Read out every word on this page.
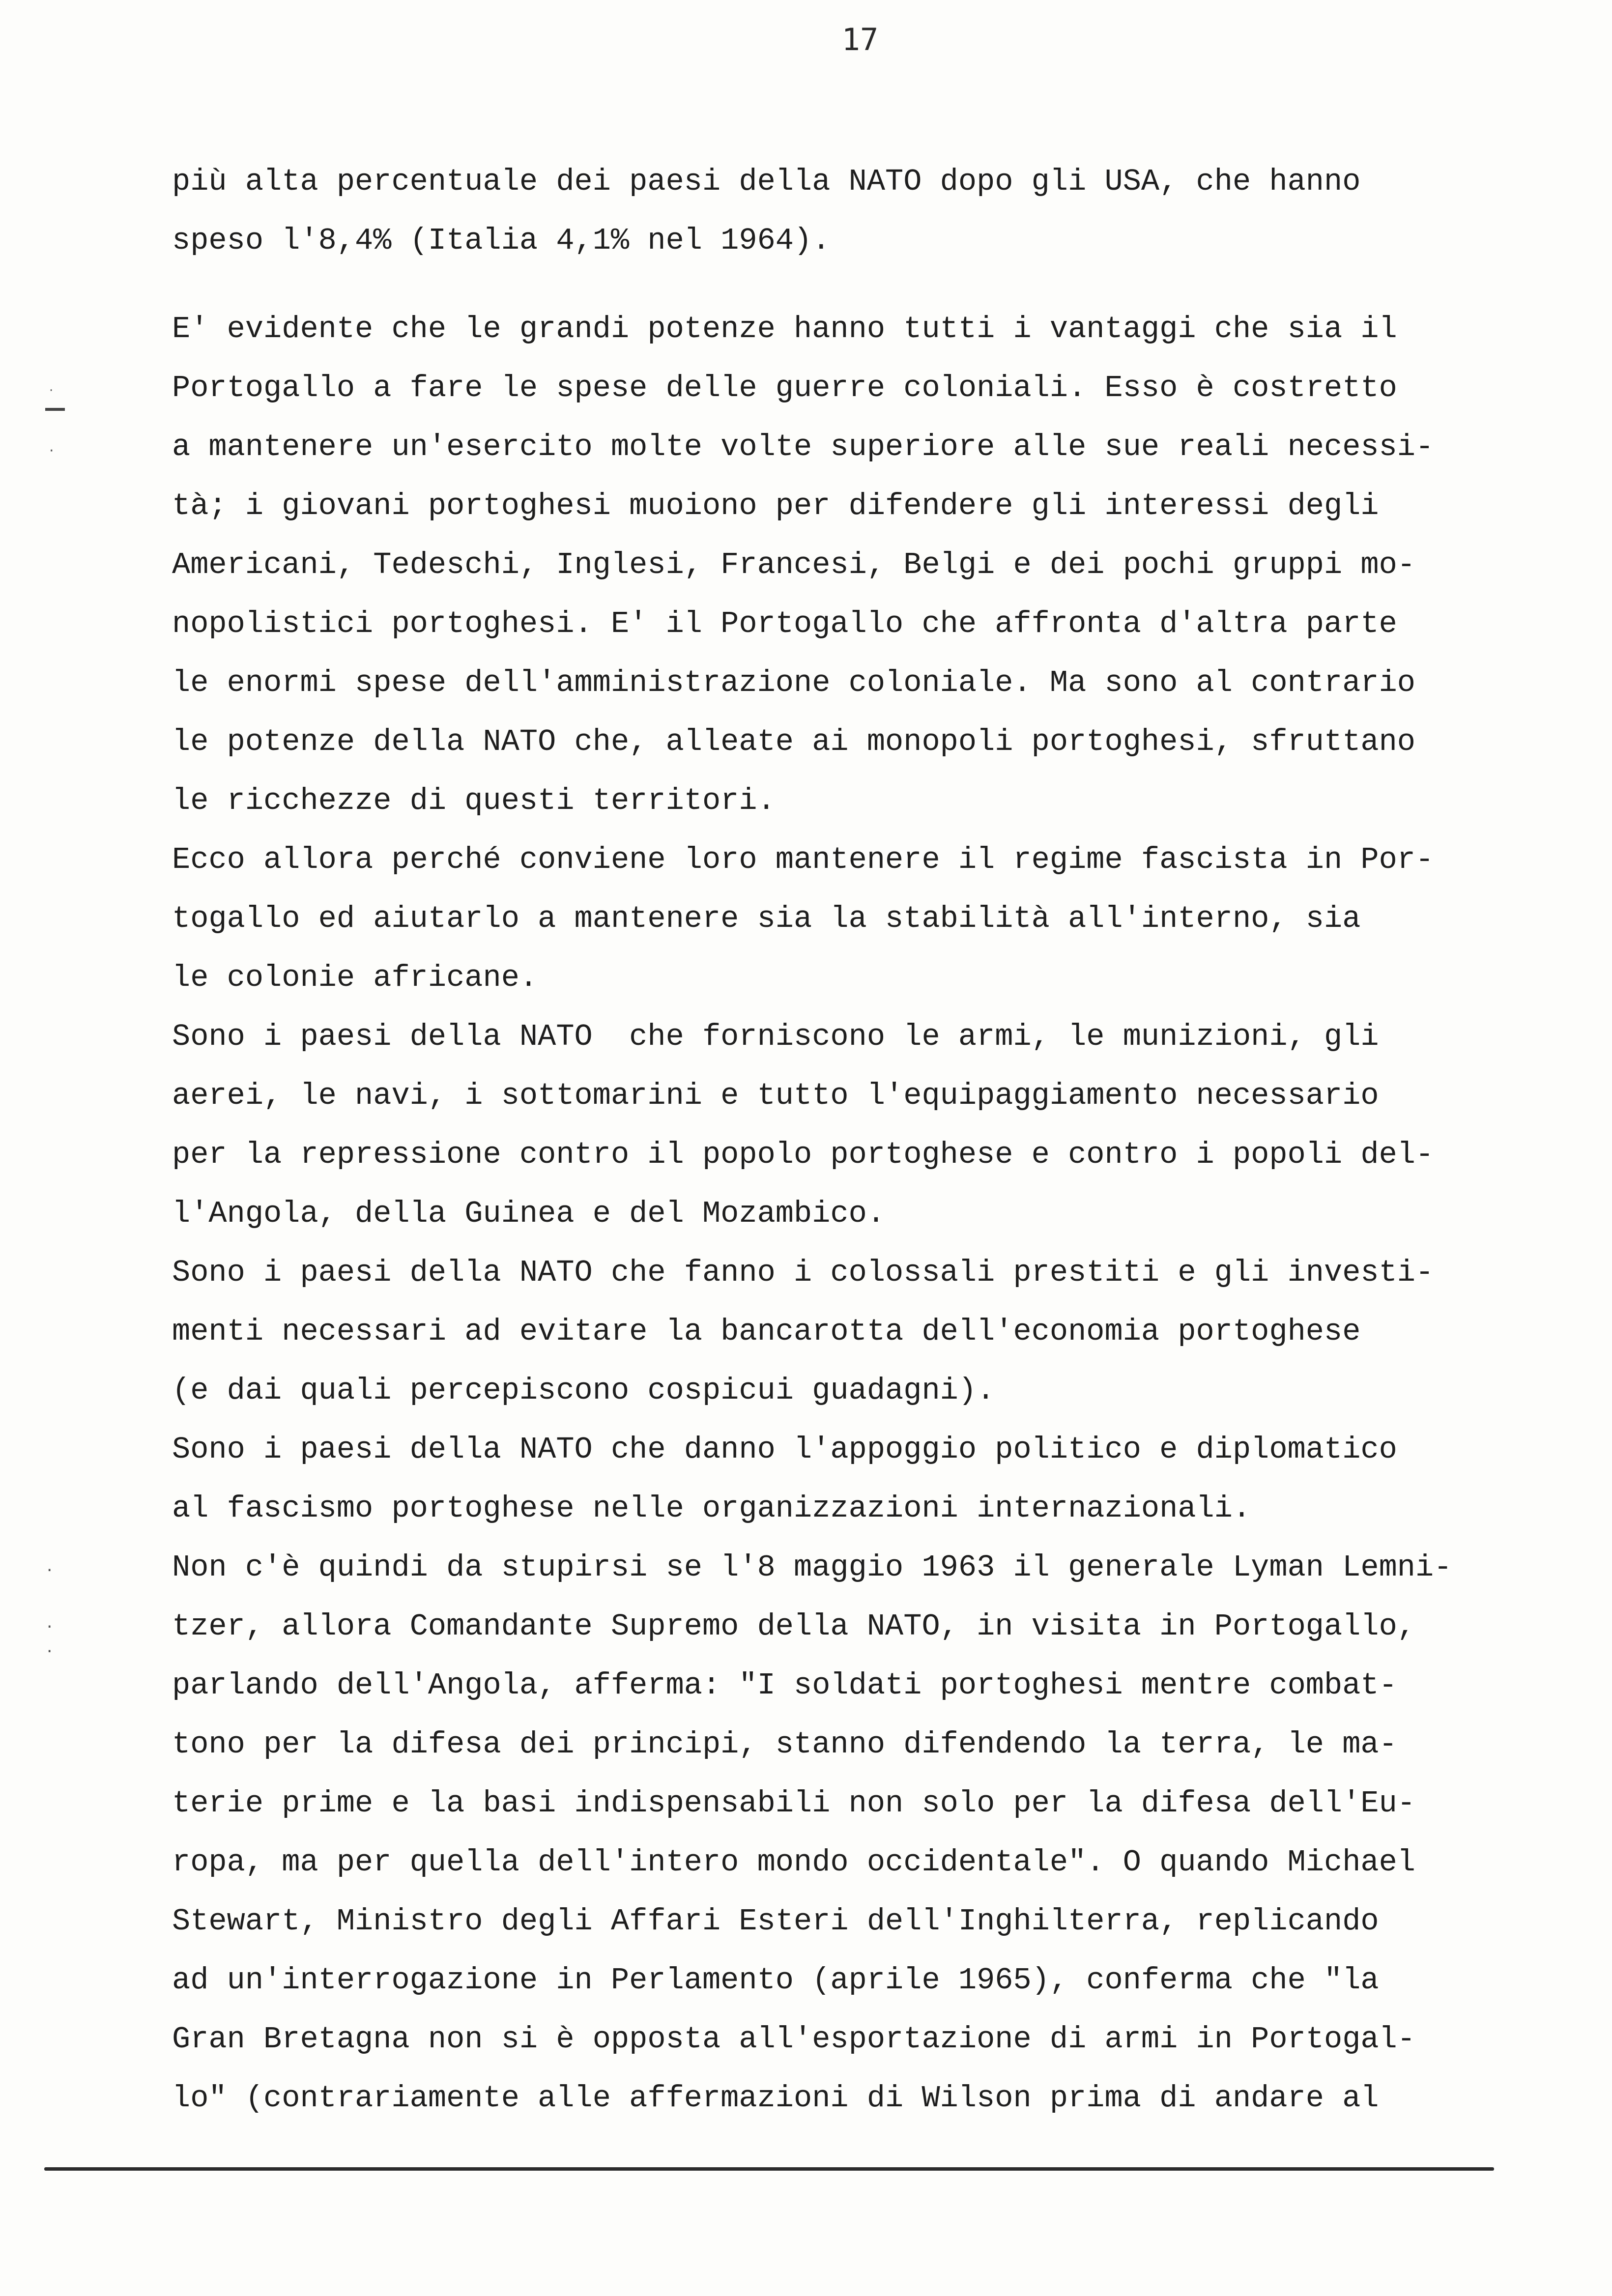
17
·
·
·
·
·
più alta percentuale dei paesi della NATO dopo gli USA, che hanno
speso l'8,4% (Italia 4,1% nel 1964).
E' evidente che le grandi potenze hanno tutti i vantaggi che sia il
Portogallo a fare le spese delle guerre coloniali. Esso è costretto
a mantenere un'esercito molte volte superiore alle sue reali necessi-
tà; i giovani portoghesi muoiono per difendere gli interessi degli
Americani, Tedeschi, Inglesi, Francesi, Belgi e dei pochi gruppi mo-
nopolistici portoghesi. E' il Portogallo che affronta d'altra parte
le enormi spese dell'amministrazione coloniale. Ma sono al contrario
le potenze della NATO che, alleate ai monopoli portoghesi, sfruttano
le ricchezze di questi territori.
Ecco allora perché conviene loro mantenere il regime fascista in Por-
togallo ed aiutarlo a mantenere sia la stabilità all'interno, sia
le colonie africane.
Sono i paesi della NATO  che forniscono le armi, le munizioni, gli
aerei, le navi, i sottomarini e tutto l'equipaggiamento necessario
per la repressione contro il popolo portoghese e contro i popoli del-
l'Angola, della Guinea e del Mozambico.
Sono i paesi della NATO che fanno i colossali prestiti e gli investi-
menti necessari ad evitare la bancarotta dell'economia portoghese
(e dai quali percepiscono cospicui guadagni).
Sono i paesi della NATO che danno l'appoggio politico e diplomatico
al fascismo portoghese nelle organizzazioni internazionali.
Non c'è quindi da stupirsi se l'8 maggio 1963 il generale Lyman Lemni-
tzer, allora Comandante Supremo della NATO, in visita in Portogallo,
parlando dell'Angola, afferma: "I soldati portoghesi mentre combat-
tono per la difesa dei principi, stanno difendendo la terra, le ma-
terie prime e la basi indispensabili non solo per la difesa dell'Eu-
ropa, ma per quella dell'intero mondo occidentale". O quando Michael
Stewart, Ministro degli Affari Esteri dell'Inghilterra, replicando
ad un'interrogazione in Perlamento (aprile 1965), conferma che "la
Gran Bretagna non si è opposta all'esportazione di armi in Portogal-
lo" (contrariamente alle affermazioni di Wilson prima di andare al
